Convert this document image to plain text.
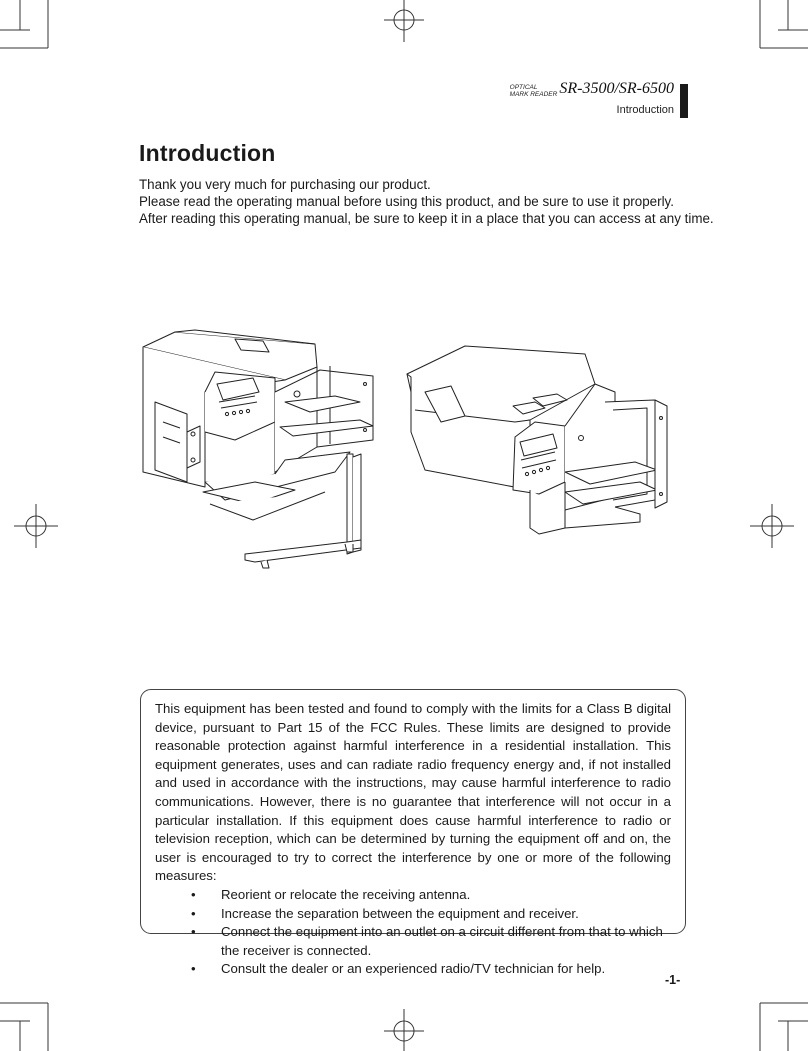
OPTICAL
MARK READER SR-3500/SR-6500
Introduction
Introduction

Thank you very much for purchasing our product.

Please read the operating manual before using this product, and be sure to use it properly.

After reading this operating manual, be sure to keep it in a place that you can access at any time.

This equipment has been tested and found to comply with the limits for a Class B digital device, pursuant to Part 15 of the FCC Rules. These limits are designed to provide reasonable protection against harmful interference in a residential installation. This equipment generates, uses and can radiate radio frequency energy and, if not installed and used in accordance with the instructions, may cause harmful interference to radio communications. However, there is no guarantee that interference will not occur in a particular installation. If this equipment does cause harmful interference to radio or television reception, which can be determined by turning the equipment off and on, the user is encouraged to try to correct the interference by one or more of the following measures:

• Reorient or relocate the receiving antenna.
• Increase the separation between the equipment and receiver.
• Connect the equipment into an outlet on a circuit different from that to which the receiver is connected.
• Consult the dealer or an experienced radio/TV technician for help.
-1-
